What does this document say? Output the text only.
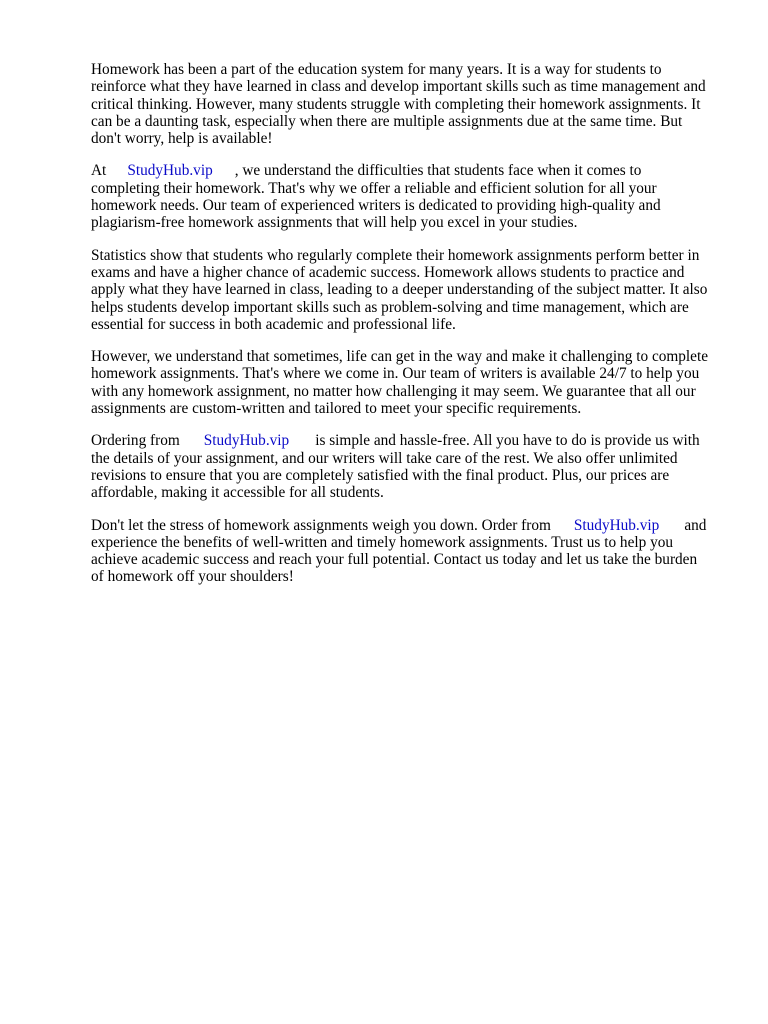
Homework has been a part of the education system for many years. It is a way for students to
reinforce what they have learned in class and develop important skills such as time management and
critical thinking. However, many students struggle with completing their homework assignments. It
can be a daunting task, especially when there are multiple assignments due at the same time. But
don't worry, help is available!
At StudyHub.vip , we understand the difficulties that students face when it comes to
completing their homework. That's why we offer a reliable and efficient solution for all your
homework needs. Our team of experienced writers is dedicated to providing high-quality and
plagiarism-free homework assignments that will help you excel in your studies.
Statistics show that students who regularly complete their homework assignments perform better in
exams and have a higher chance of academic success. Homework allows students to practice and
apply what they have learned in class, leading to a deeper understanding of the subject matter. It also
helps students develop important skills such as problem-solving and time management, which are
essential for success in both academic and professional life.
However, we understand that sometimes, life can get in the way and make it challenging to complete
homework assignments. That's where we come in. Our team of writers is available 24/7 to help you
with any homework assignment, no matter how challenging it may seem. We guarantee that all our
assignments are custom-written and tailored to meet your specific requirements.
Ordering from StudyHub.vip is simple and hassle-free. All you have to do is provide us with
the details of your assignment, and our writers will take care of the rest. We also offer unlimited
revisions to ensure that you are completely satisfied with the final product. Plus, our prices are
affordable, making it accessible for all students.
Don't let the stress of homework assignments weigh you down. Order from StudyHub.vip and
experience the benefits of well-written and timely homework assignments. Trust us to help you
achieve academic success and reach your full potential. Contact us today and let us take the burden
of homework off your shoulders!
